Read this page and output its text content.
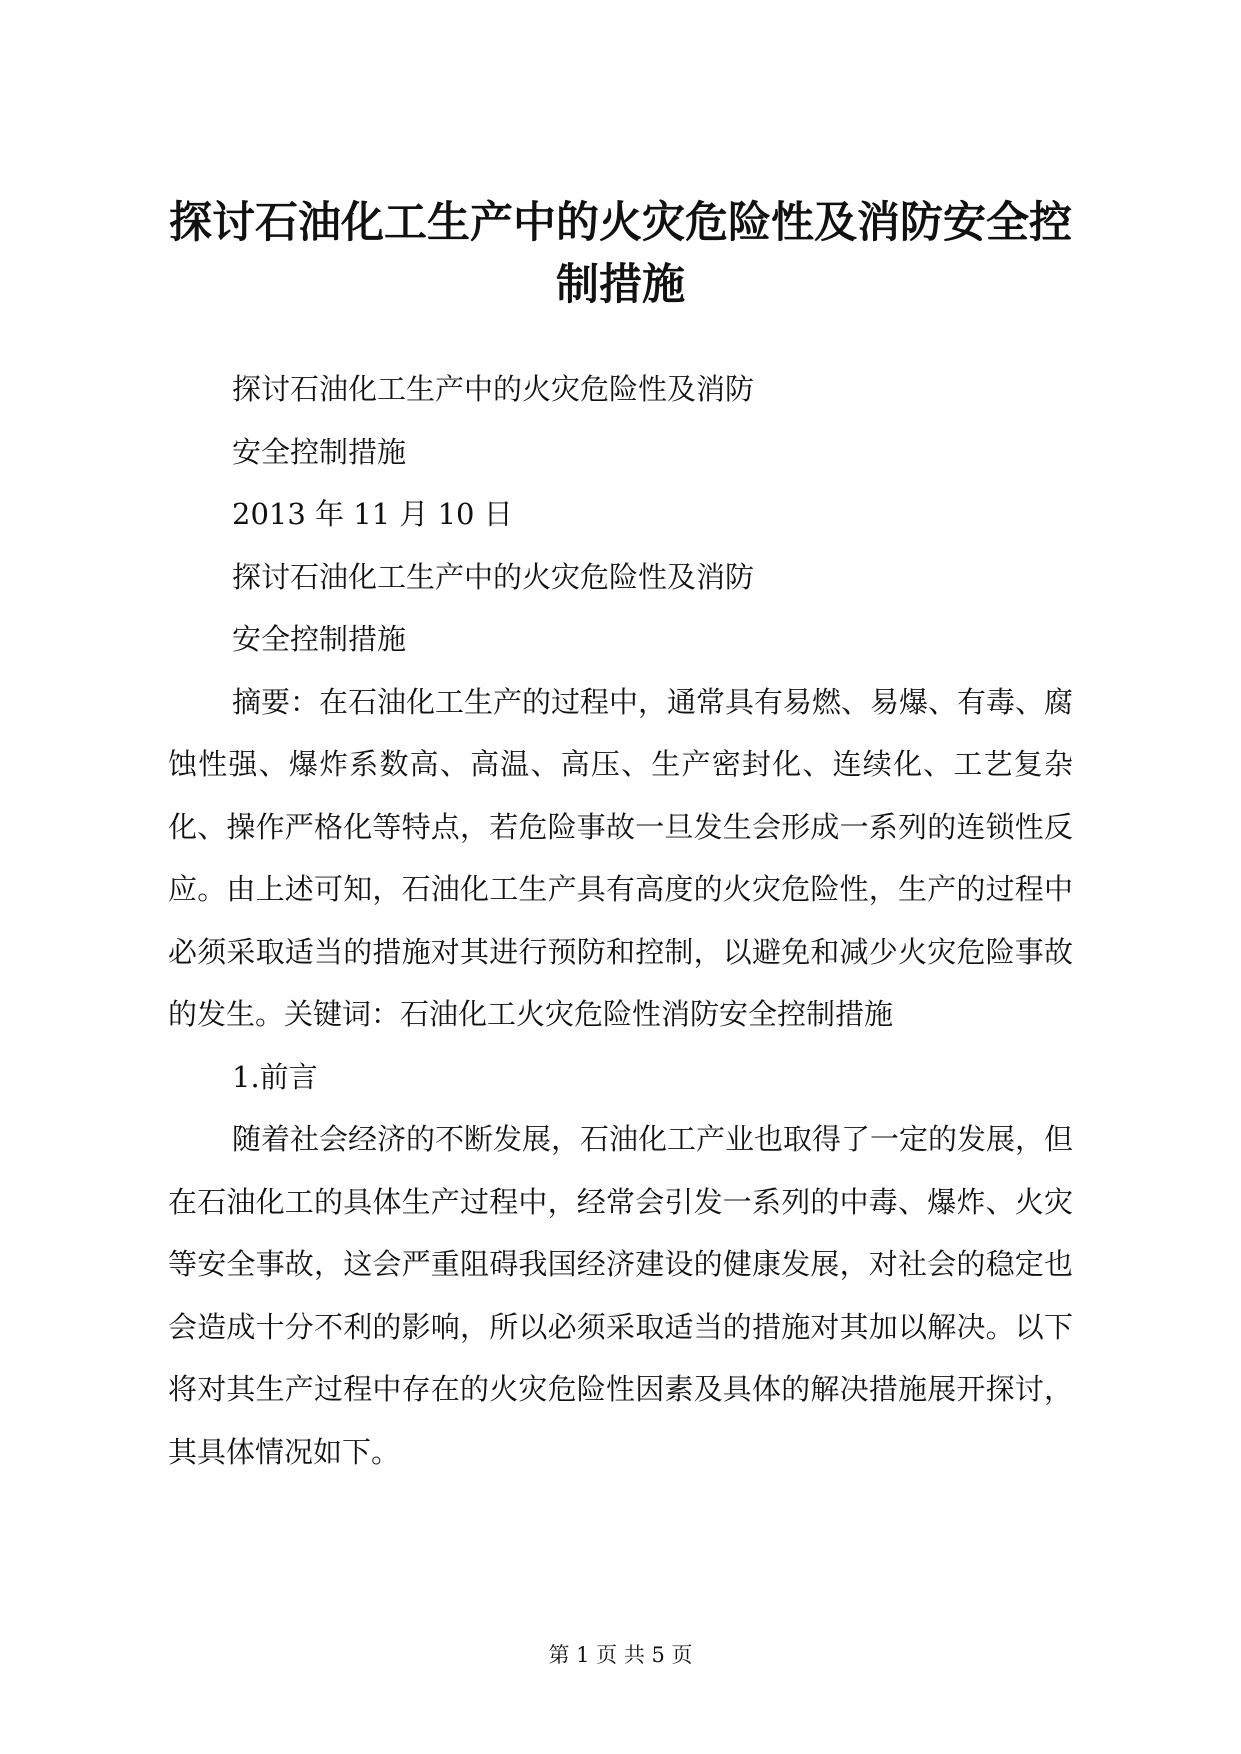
探讨石油化工生产中的火灾危险性及消防安全控制措施

探讨石油化工生产中的火灾危险性及消防

安全控制措施

2013 年 11 月 10 日

探讨石油化工生产中的火灾危险性及消防

安全控制措施

摘要：在石油化工生产的过程中，通常具有易燃、易爆、有毒、腐蚀性强、爆炸系数高、高温、高压、生产密封化、连续化、工艺复杂化、操作严格化等特点，若危险事故一旦发生会形成一系列的连锁性反应。由上述可知，石油化工生产具有高度的火灾危险性，生产的过程中必须采取适当的措施对其进行预防和控制，以避免和减少火灾危险事故的发生。关键词：石油化工火灾危险性消防安全控制措施

1.前言

随着社会经济的不断发展，石油化工产业也取得了一定的发展，但在石油化工的具体生产过程中，经常会引发一系列的中毒、爆炸、火灾等安全事故，这会严重阻碍我国经济建设的健康发展，对社会的稳定也会造成十分不利的影响，所以必须采取适当的措施对其加以解决。以下将对其生产过程中存在的火灾危险性因素及具体的解决措施展开探讨，其具体情况如下。

第 1 页 共 5 页
